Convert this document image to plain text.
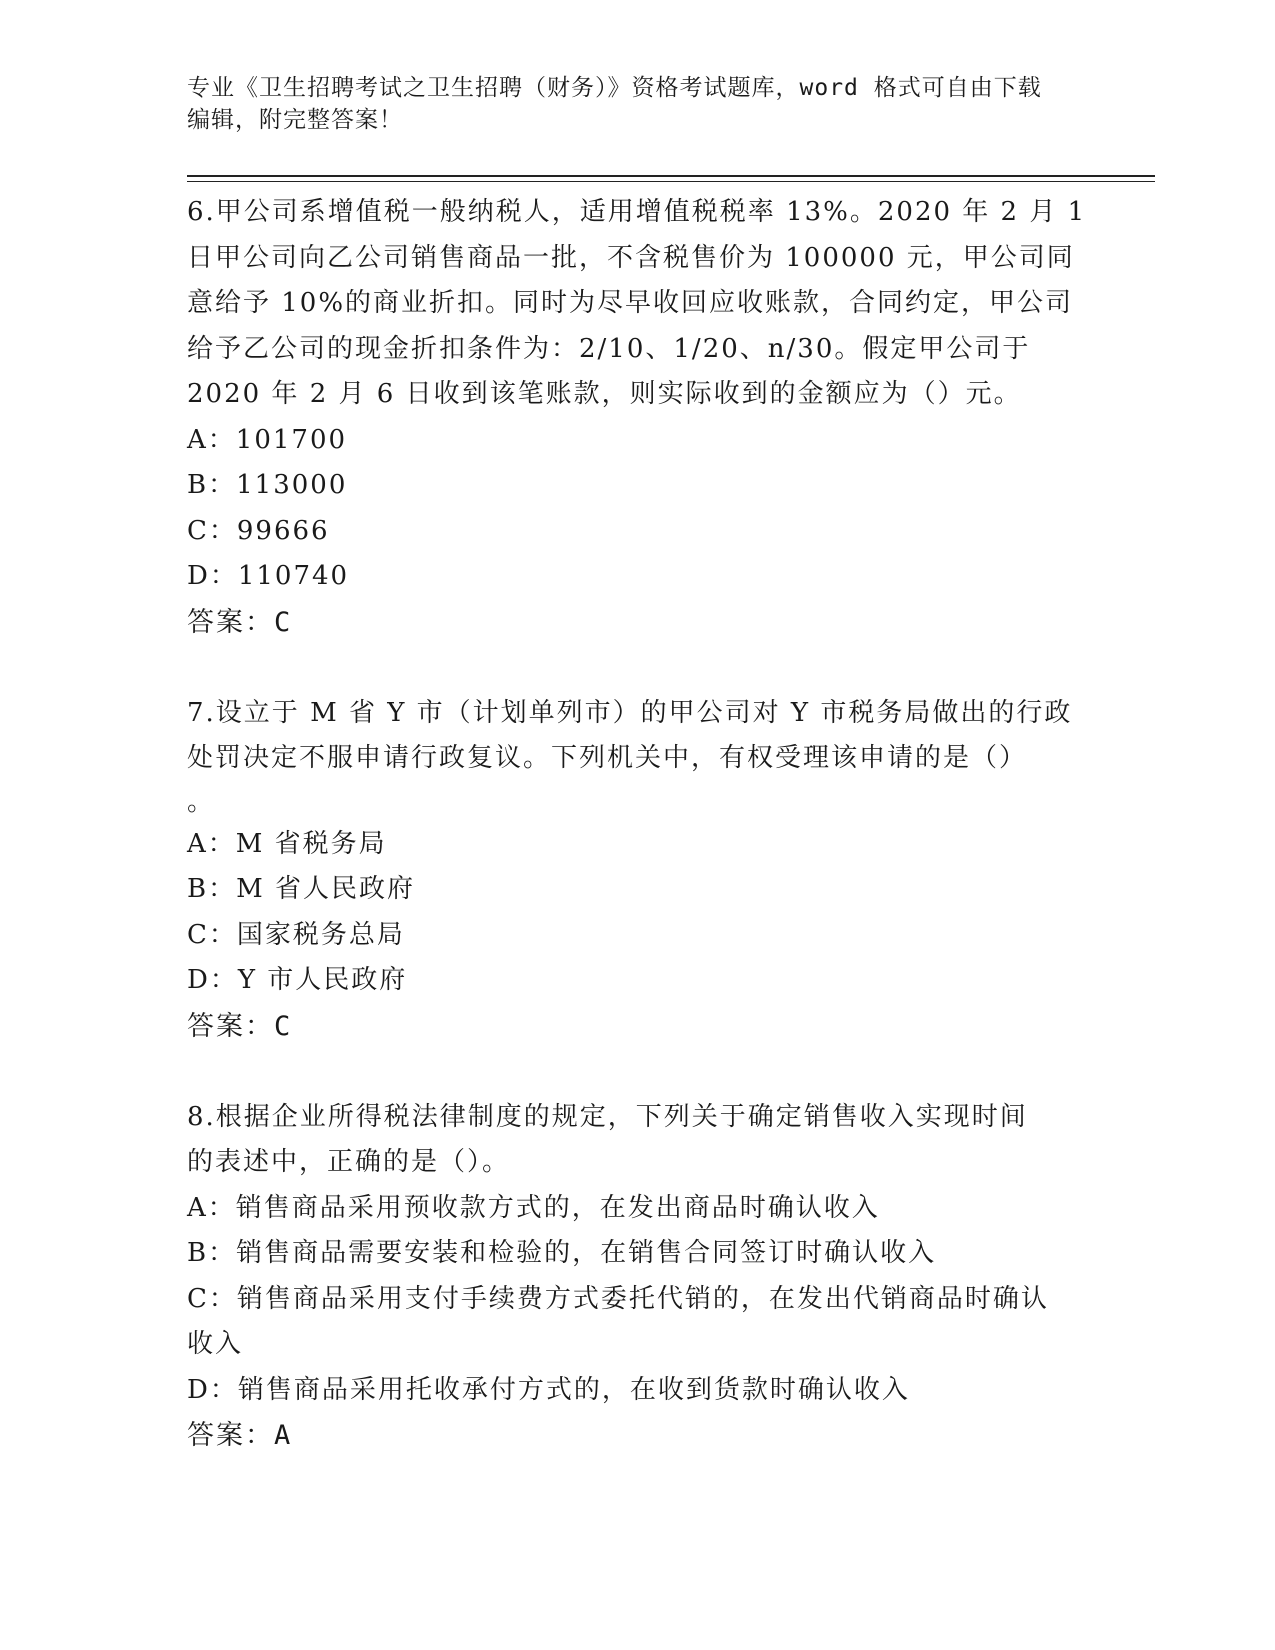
专业《卫生招聘考试之卫生招聘（财务）》资格考试题库，word 格式可自由下载
编辑，附完整答案！
6.甲公司系增值税一般纳税人，适用增值税税率 13%。2020 年 2 月 1
日甲公司向乙公司销售商品一批，不含税售价为 100000 元，甲公司同
意给予 10%的商业折扣。同时为尽早收回应收账款，合同约定，甲公司
给予乙公司的现金折扣条件为：2/10、1/20、n/30。假定甲公司于
2020 年 2 月 6 日收到该笔账款，则实际收到的金额应为（）元。
A：101700
B：113000
C：99666
D：110740
答案：C
7.设立于 M 省 Y 市（计划单列市）的甲公司对 Y 市税务局做出的行政
处罚决定不服申请行政复议。下列机关中，有权受理该申请的是（）
。
A：M 省税务局
B：M 省人民政府
C：国家税务总局
D：Y 市人民政府
答案：C
8.根据企业所得税法律制度的规定，下列关于确定销售收入实现时间
的表述中，正确的是（）。
A：销售商品采用预收款方式的，在发出商品时确认收入
B：销售商品需要安装和检验的，在销售合同签订时确认收入
C：销售商品采用支付手续费方式委托代销的，在发出代销商品时确认
收入
D：销售商品采用托收承付方式的，在收到货款时确认收入
答案：A
